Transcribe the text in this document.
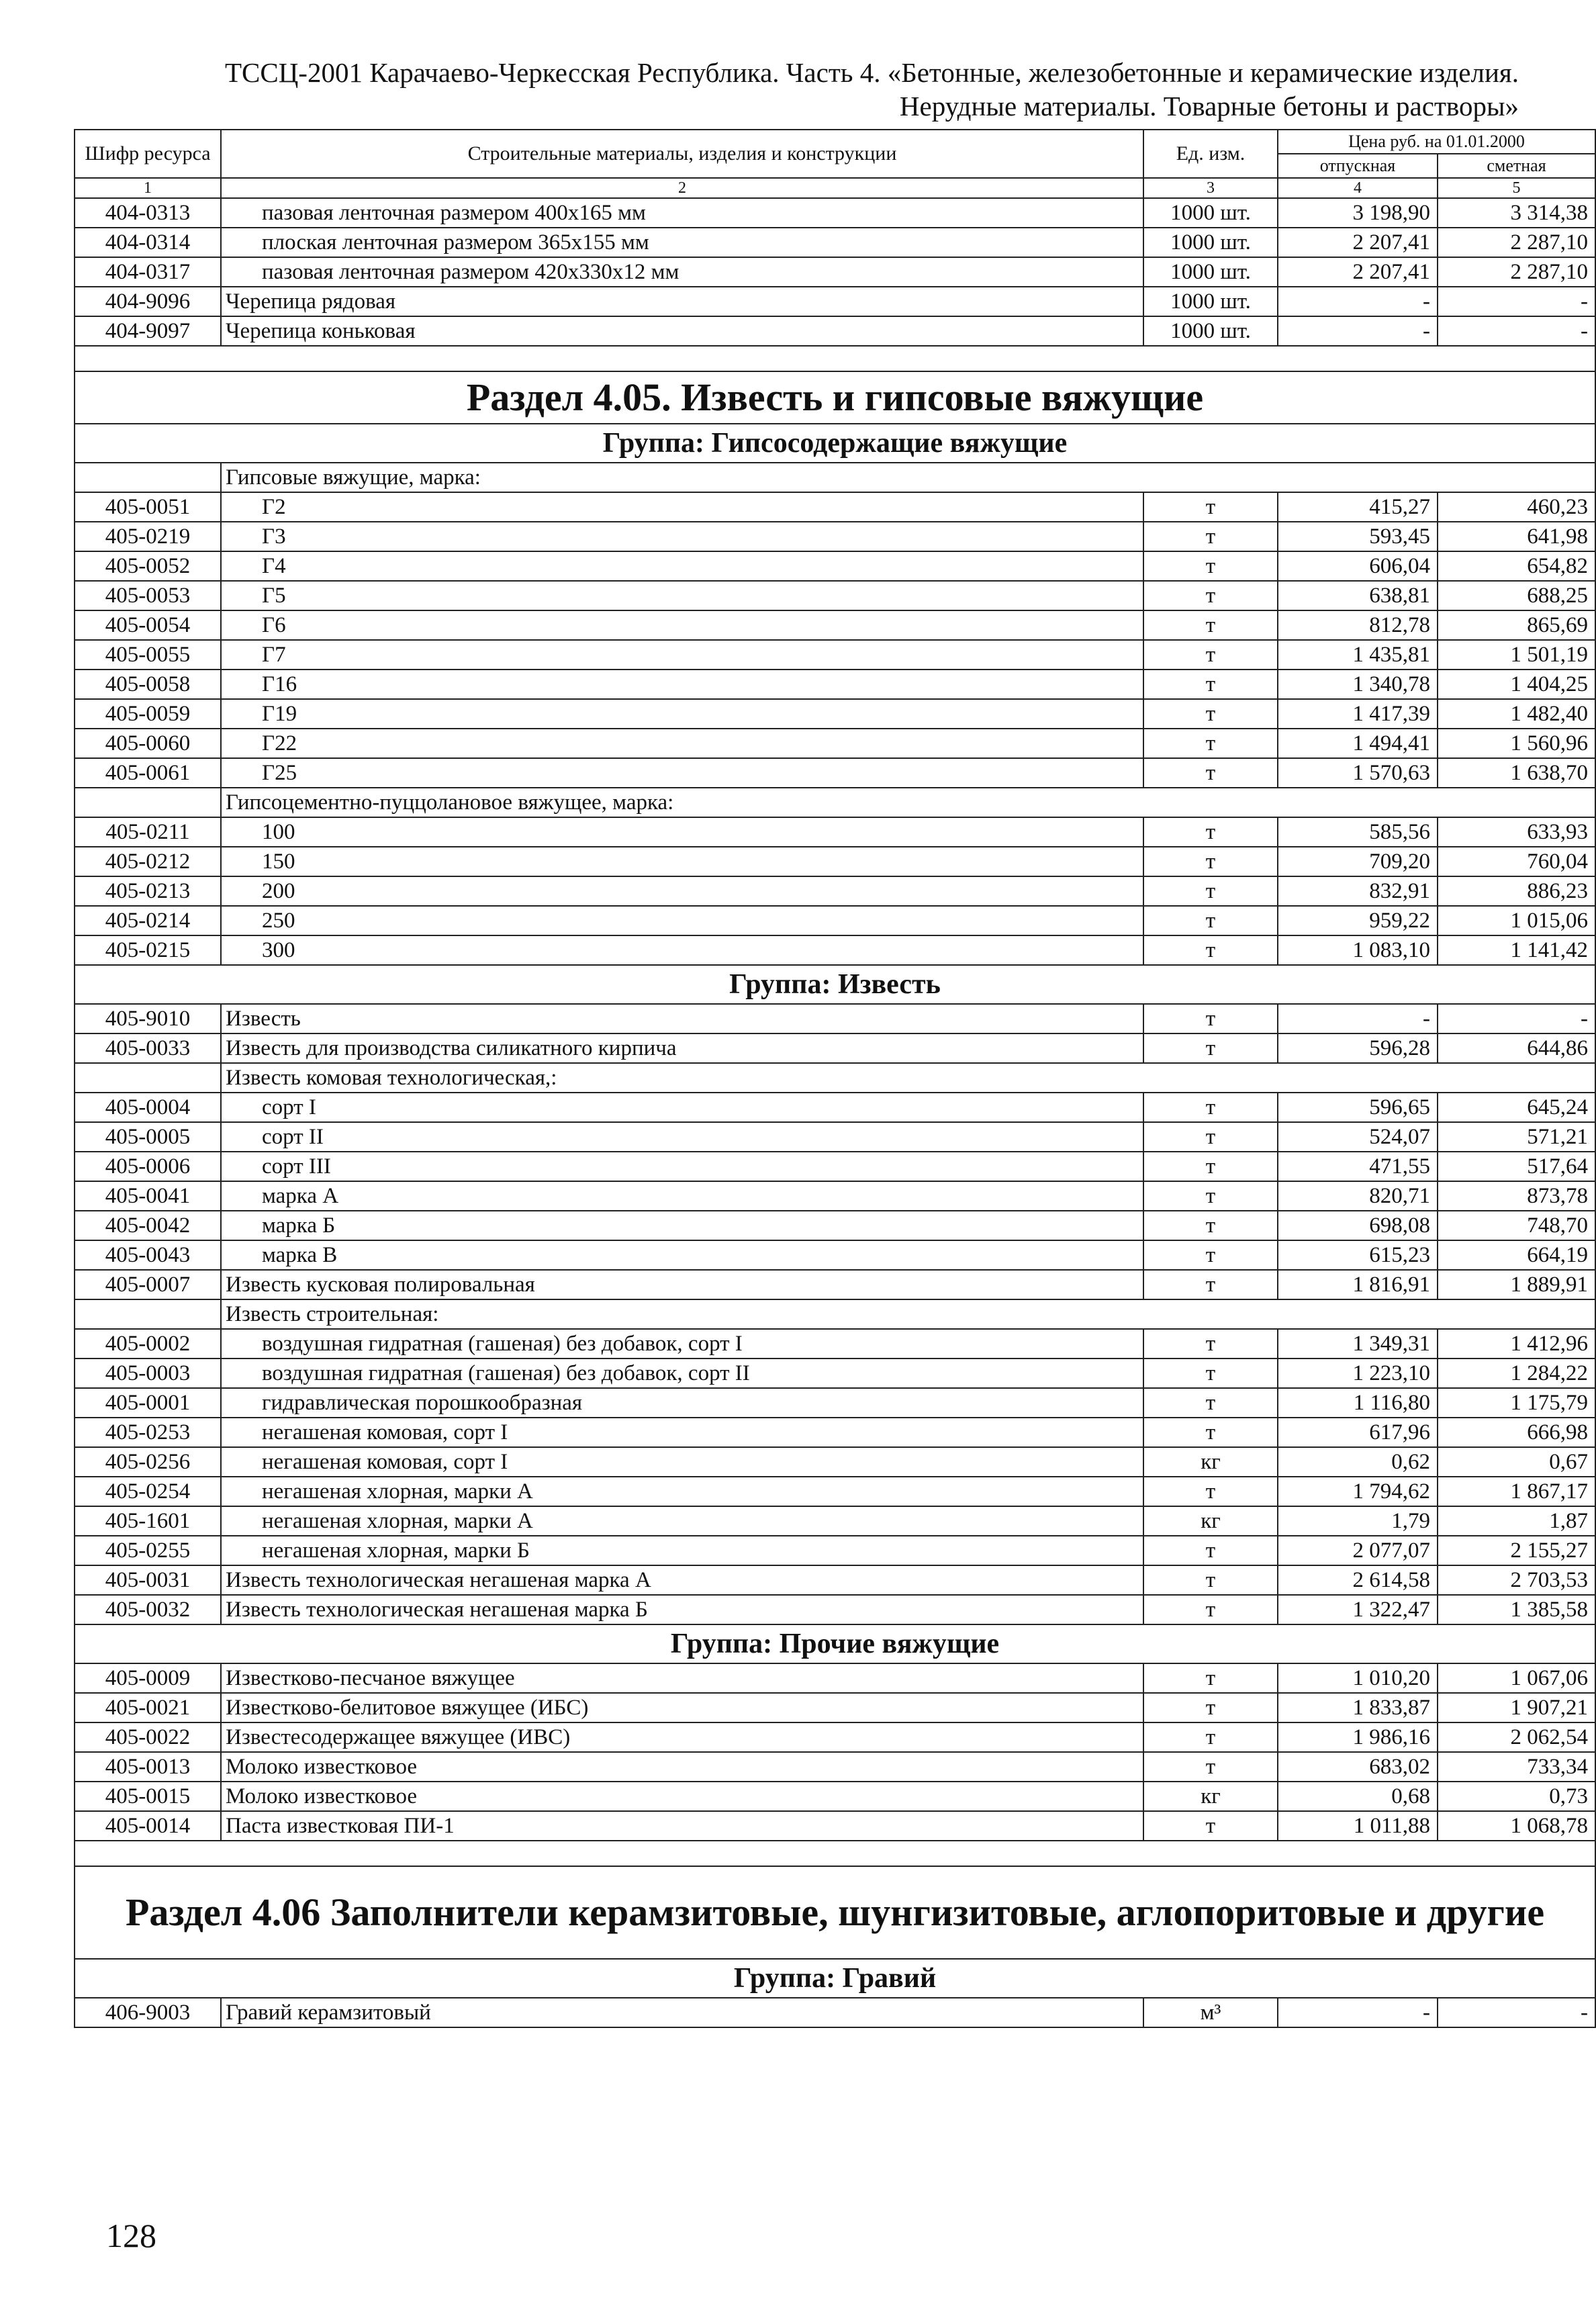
ТССЦ-2001 Карачаево-Черкесская Республика. Часть 4. «Бетонные, железобетонные и керамические изделия.
Нерудные материалы. Товарные бетоны и растворы»
Шифр ресурса	Строительные материалы, изделия и конструкции	Ед. изм.	Цена руб. на 01.01.2000	
			отпускная	сметная
1	2	3	4	5
404-0313	пазовая ленточная размером 400х165 мм	1000 шт.	3 198,90	3 314,38
404-0314	плоская ленточная размером 365х155 мм	1000 шт.	2 207,41	2 287,10
404-0317	пазовая ленточная размером 420х330х12 мм	1000 шт.	2 207,41	2 287,10
404-9096	Черепица рядовая	1000 шт.	-	-
404-9097	Черепица коньковая	1000 шт.	-	-

Раздел 4.05. Известь и гипсовые вяжущие				
Группа: Гипсосодержащие вяжущие				
	Гипсовые вяжущие, марка:			
405-0051	Г2	т	415,27	460,23
405-0219	Г3	т	593,45	641,98
405-0052	Г4	т	606,04	654,82
405-0053	Г5	т	638,81	688,25
405-0054	Г6	т	812,78	865,69
405-0055	Г7	т	1 435,81	1 501,19
405-0058	Г16	т	1 340,78	1 404,25
405-0059	Г19	т	1 417,39	1 482,40
405-0060	Г22	т	1 494,41	1 560,96
405-0061	Г25	т	1 570,63	1 638,70
	Гипсоцементно-пуццолановое вяжущее, марка:			
405-0211	100	т	585,56	633,93
405-0212	150	т	709,20	760,04
405-0213	200	т	832,91	886,23
405-0214	250	т	959,22	1 015,06
405-0215	300	т	1 083,10	1 141,42
Группа: Известь				
405-9010	Известь	т	-	-
405-0033	Известь для производства силикатного кирпича	т	596,28	644,86
	Известь комовая технологическая,:			
405-0004	сорт I	т	596,65	645,24
405-0005	сорт II	т	524,07	571,21
405-0006	сорт III	т	471,55	517,64
405-0041	марка А	т	820,71	873,78
405-0042	марка Б	т	698,08	748,70
405-0043	марка В	т	615,23	664,19
405-0007	Известь кусковая полировальная	т	1 816,91	1 889,91
	Известь строительная:			
405-0002	воздушная гидратная (гашеная) без добавок, сорт I	т	1 349,31	1 412,96
405-0003	воздушная гидратная (гашеная) без добавок, сорт II	т	1 223,10	1 284,22
405-0001	гидравлическая порошкообразная	т	1 116,80	1 175,79
405-0253	негашеная комовая, сорт I	т	617,96	666,98
405-0256	негашеная комовая, сорт I	кг	0,62	0,67
405-0254	негашеная хлорная, марки А	т	1 794,62	1 867,17
405-1601	негашеная хлорная, марки А	кг	1,79	1,87
405-0255	негашеная хлорная, марки Б	т	2 077,07	2 155,27
405-0031	Известь технологическая негашеная марка А	т	2 614,58	2 703,53
405-0032	Известь технологическая негашеная марка Б	т	1 322,47	1 385,58
Группа: Прочие вяжущие				
405-0009	Известково-песчаное вяжущее	т	1 010,20	1 067,06
405-0021	Известково-белитовое вяжущее (ИБС)	т	1 833,87	1 907,21
405-0022	Известесодержащее вяжущее (ИВС)	т	1 986,16	2 062,54
405-0013	Молоко известковое	т	683,02	733,34
405-0015	Молоко известковое	кг	0,68	0,73
405-0014	Паста известковая ПИ-1	т	1 011,88	1 068,78

Раздел 4.06 Заполнители керамзитовые, шунгизитовые, аглопоритовые и другие				
Группа: Гравий				
406-9003	Гравий керамзитовый	м³	-	-
128
